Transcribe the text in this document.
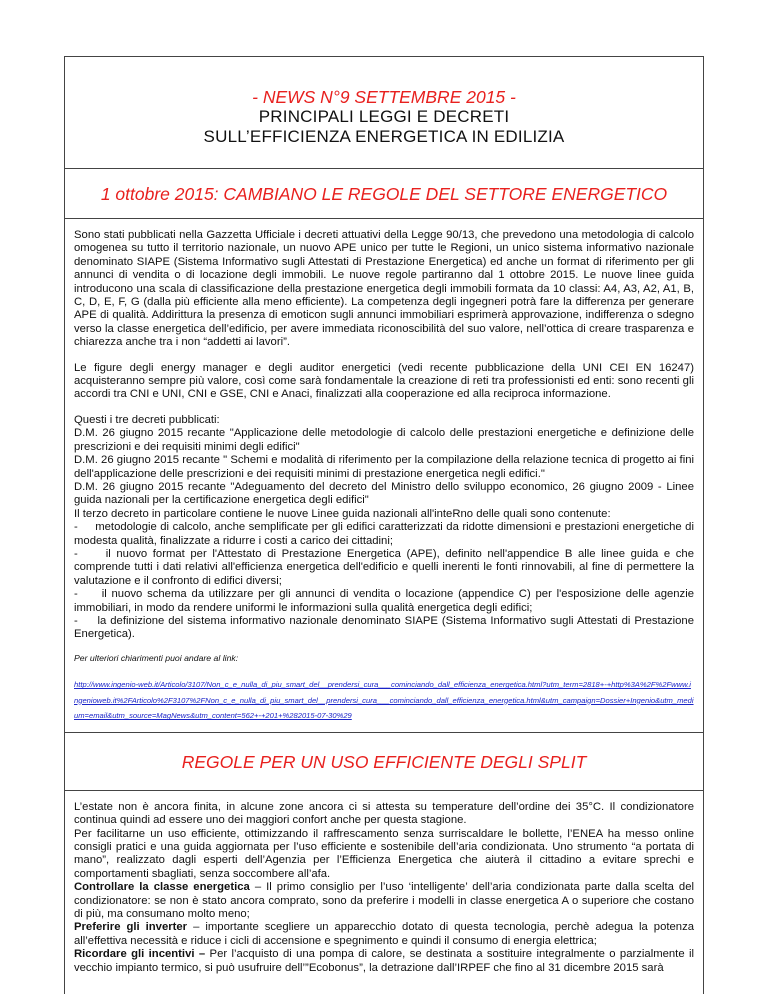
- NEWS N°9 SETTEMBRE 2015 -
PRINCIPALI LEGGI E DECRETI
SULL’EFFICIENZA ENERGETICA IN EDILIZIA
1 ottobre 2015: CAMBIANO LE REGOLE DEL SETTORE ENERGETICO

Sono stati pubblicati nella Gazzetta Ufficiale i decreti attuativi della Legge 90/13, che prevedono una metodologia di calcolo omogenea su tutto il territorio nazionale, un nuovo APE unico per tutte le Regioni, un unico sistema informativo nazionale denominato SIAPE (Sistema Informativo sugli Attestati di Prestazione Energetica) ed anche un format di riferimento per gli annunci di vendita o di locazione degli immobili. Le nuove regole partiranno dal 1 ottobre 2015. Le nuove linee guida introducono una scala di classificazione della prestazione energetica degli immobili formata da 10 classi: A4, A3, A2, A1, B, C, D, E, F, G (dalla più efficiente alla meno efficiente). La competenza degli ingegneri potrà fare la differenza per generare APE di qualità. Addirittura la presenza di emoticon sugli annunci immobiliari esprimerà approvazione, indifferenza o sdegno verso la classe energetica dell’edificio, per avere immediata riconoscibilità del suo valore, nell’ottica di creare trasparenza e chiarezza anche tra i non “addetti ai lavori”.

Le figure degli energy manager e degli auditor energetici (vedi recente pubblicazione della UNI CEI EN 16247) acquisteranno sempre più valore, così come sarà fondamentale la creazione di reti tra professionisti ed enti: sono recenti gli accordi tra CNI e UNI, CNI e GSE, CNI e Anaci, finalizzati alla cooperazione ed alla reciproca informazione.

Questi i tre decreti pubblicati:

D.M. 26 giugno 2015 recante "Applicazione delle metodologie di calcolo delle prestazioni energetiche e definizione delle prescrizioni e dei requisiti minimi degli edifici"

D.M. 26 giugno 2015 recante " Schemi e modalità di riferimento per la compilazione della relazione tecnica di progetto ai fini dell'applicazione delle prescrizioni e dei requisiti minimi di prestazione energetica negli edifici."

D.M. 26 giugno 2015 recante "Adeguamento del decreto del Ministro dello sviluppo economico, 26 giugno 2009 - Linee guida nazionali per la certificazione energetica degli edifici"

Il terzo decreto in particolare contiene le nuove Linee guida nazionali all'inteRno delle quali sono contenute:

-     metodologie di calcolo, anche semplificate per gli edifici caratterizzati da ridotte dimensioni e prestazioni energetiche di modesta qualità, finalizzate a ridurre i costi a carico dei cittadini;
-     il nuovo format per l'Attestato di Prestazione Energetica (APE), definito nell'appendice B alle linee guida e che comprende tutti i dati relativi all'efficienza energetica dell'edificio e quelli inerenti le fonti rinnovabili, al fine di permettere la valutazione e il confronto di edifici diversi;
-     il nuovo schema da utilizzare per gli annunci di vendita o locazione (appendice C) per l'esposizione delle agenzie immobiliari, in modo da rendere uniformi le informazioni sulla qualità energetica degli edifici;
-     la definizione del sistema informativo nazionale denominato SIAPE (Sistema Informativo sugli Attestati di Prestazione Energetica).

Per ulteriori chiarimenti puoi andare al link:

http://www.ingenio-web.it/Articolo/3107/Non_c_e_nulla_di_piu_smart_del__prendersi_cura___cominciando_dall_efficienza_energetica.html?utm_term=2818+-+http%3A%2F%2Fwww.ingenioweb.it%2FArticolo%2F3107%2FNon_c_e_nulla_di_piu_smart_del__prendersi_cura___cominciando_dall_efficienza_energetica.html&utm_campaign=Dossier+Ingenio&utm_medium=email&utm_source=MagNews&utm_content=562+-+201+%282015-07-30%29
REGOLE PER UN USO EFFICIENTE DEGLI SPLIT

L’estate non è ancora finita, in alcune zone ancora ci si attesta su temperature dell’ordine dei 35°C. Il condizionatore continua quindi ad essere uno dei maggiori confort anche per questa stagione.

Per facilitarne un uso efficiente, ottimizzando il raffrescamento senza surriscaldare le bollette, l’ENEA ha messo online consigli pratici e una guida aggiornata per l’uso efficiente e sostenibile dell’aria condizionata. Uno strumento “a portata di mano”, realizzato dagli esperti dell’Agenzia per l’Efficienza Energetica che aiuterà il cittadino a evitare sprechi e comportamenti sbagliati, senza soccombere all’afa.

Controllare la classe energetica – Il primo consiglio per l’uso ‘intelligente’ dell’aria condizionata parte dalla scelta del condizionatore: se non è stato ancora comprato, sono da preferire i modelli in classe energetica A o superiore che costano di più, ma consumano molto meno;

Preferire gli inverter – importante scegliere un apparecchio dotato di questa tecnologia, perchè adegua la potenza all’effettiva necessità e riduce i cicli di accensione e spegnimento e quindi il consumo di energia elettrica;

Ricordare gli incentivi – Per l’acquisto di una pompa di calore, se destinata a sostituire integralmente o parzialmente il vecchio impianto termico, si può usufruire dell’”Ecobonus”, la detrazione dall’IRPEF che fino al 31 dicembre 2015 sarà
